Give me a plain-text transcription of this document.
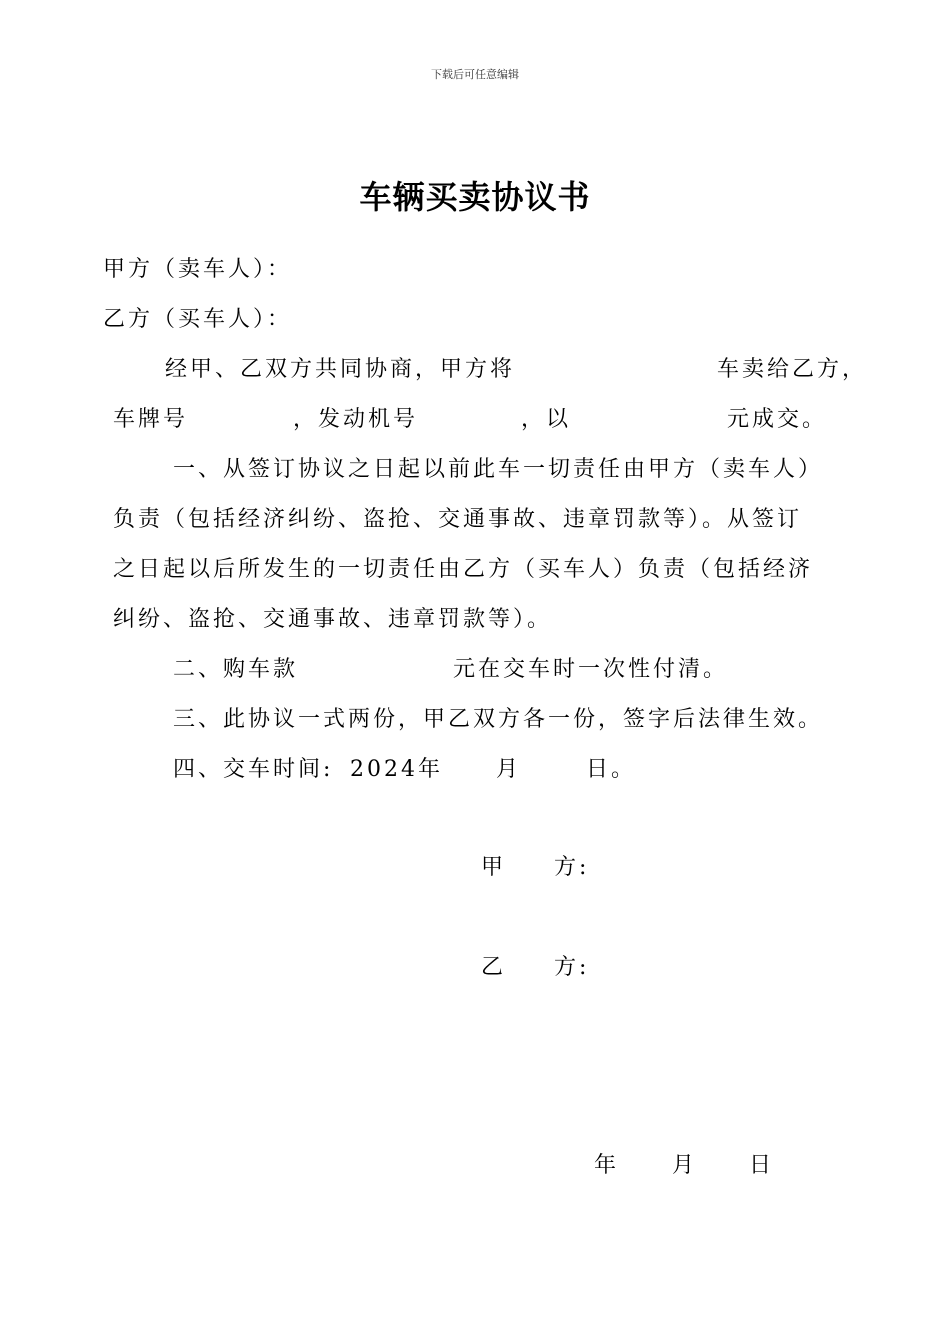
下载后可任意编辑
车辆买卖协议书
甲方（卖车人）：
乙方（买车人）：
经甲、乙双方共同协商，甲方将	车卖给乙方，
车牌号	，发动机号	，以	元成交。
一、从签订协议之日起以前此车一切责任由甲方（卖车人）
负责（包括经济纠纷、盗抢、交通事故、违章罚款等）。从签订
之日起以后所发生的一切责任由乙方（买车人）负责（包括经济
纠纷、盗抢、交通事故、违章罚款等）。
二、购车款	元在交车时一次性付清。
三、此协议一式两份，甲乙双方各一份，签字后法律生效。
四、交车时间: 2024年 月	日。
甲 方:
乙 方:
年 月 日
